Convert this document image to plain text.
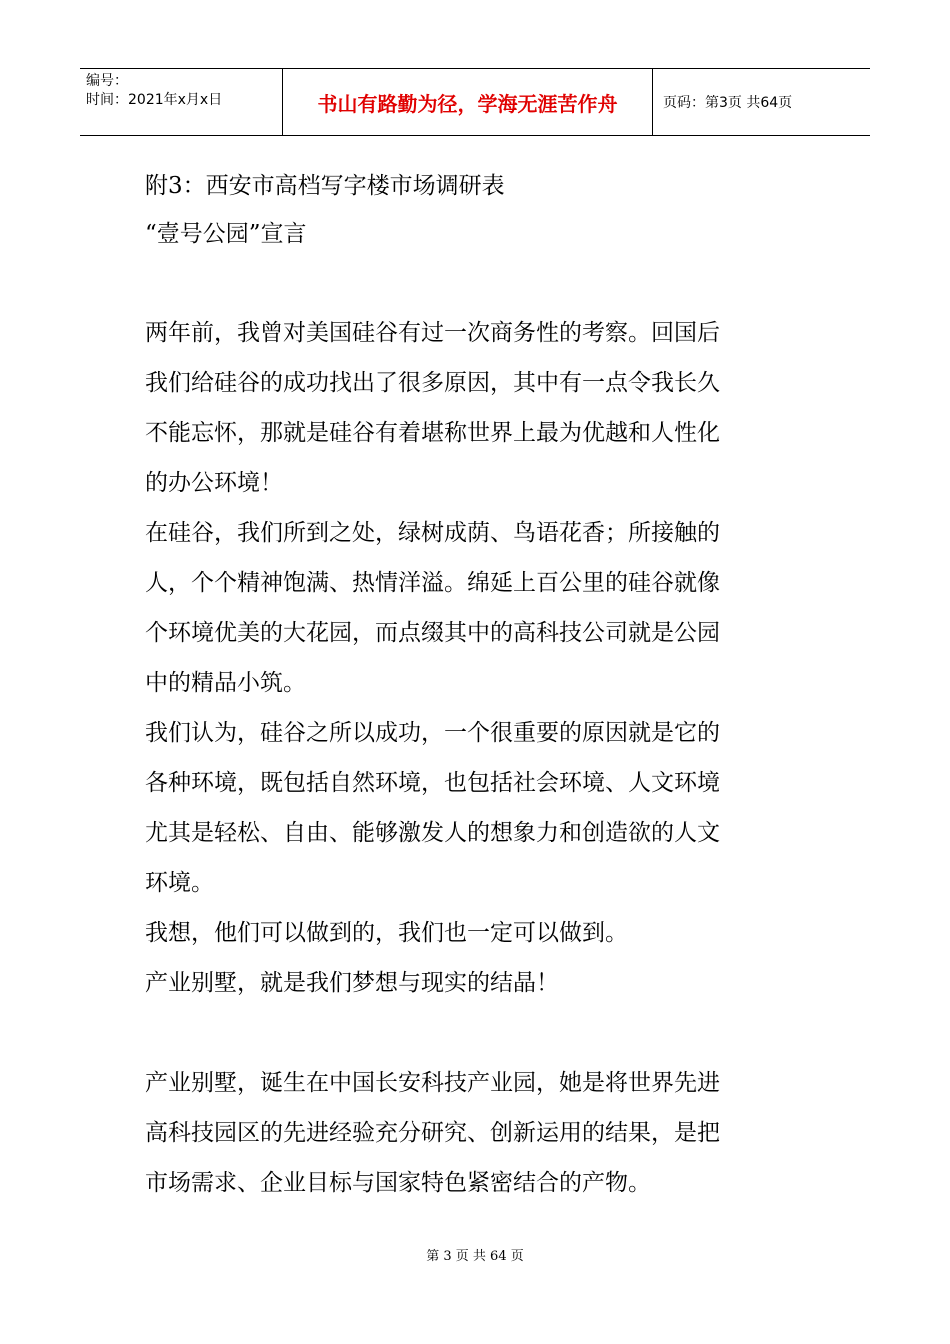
编号：
时间：2021年x月x日	书山有路勤为径，学海无涯苦作舟	页码：第3页 共64页
附3：西安市高档写字楼市场调研表
“壹号公园”宣言
两年前，我曾对美国硅谷有过一次商务性的考察。回国后
我们给硅谷的成功找出了很多原因，其中有一点令我长久
不能忘怀，那就是硅谷有着堪称世界上最为优越和人性化
的办公环境！
在硅谷，我们所到之处，绿树成荫、鸟语花香；所接触的
人，个个精神饱满、热情洋溢。绵延上百公里的硅谷就像
个环境优美的大花园，而点缀其中的高科技公司就是公园
中的精品小筑。
我们认为，硅谷之所以成功，一个很重要的原因就是它的
各种环境，既包括自然环境，也包括社会环境、人文环境
尤其是轻松、自由、能够激发人的想象力和创造欲的人文
环境。
我想，他们可以做到的，我们也一定可以做到。
产业别墅，就是我们梦想与现实的结晶！
产业别墅，诞生在中国长安科技产业园，她是将世界先进
高科技园区的先进经验充分研究、创新运用的结果，是把
市场需求、企业目标与国家特色紧密结合的产物。
第 3 页 共 64 页
